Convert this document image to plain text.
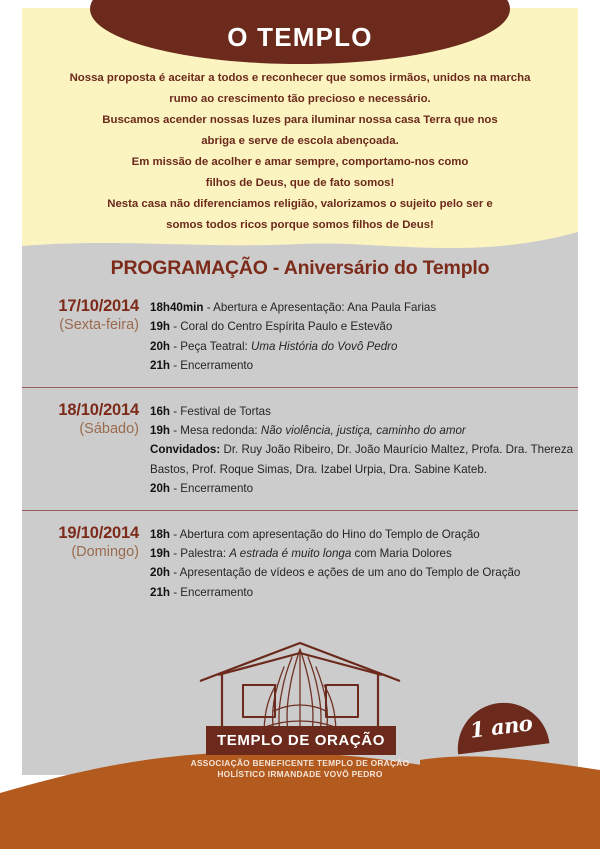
O TEMPLO
Nossa proposta é aceitar a todos e reconhecer que somos irmãos, unidos na marcha
rumo ao crescimento tão precioso e necessário.
Buscamos acender nossas luzes para iluminar nossa casa Terra que nos
abriga e serve de escola abençoada.
Em missão de acolher e amar sempre, comportamo-nos como
filhos de Deus, que de fato somos!
Nesta casa não diferenciamos religião, valorizamos o sujeito pelo ser e
somos todos ricos porque somos filhos de Deus!
PROGRAMAÇÃO - Aniversário do Templo
17/10/2014
(Sexta-feira)
18h40min - Abertura e Apresentação: Ana Paula Farias
19h - Coral do Centro Espírita Paulo e Estevão
20h - Peça Teatral: Uma História do Vovô Pedro
21h - Encerramento
18/10/2014
(Sábado)
16h - Festival de Tortas
19h - Mesa redonda: Não violência, justiça, caminho do amor
Convidados: Dr. Ruy João Ribeiro, Dr. João Maurício Maltez, Profa. Dra. Thereza Bastos, Prof. Roque Simas, Dra. Izabel Urpia, Dra. Sabine Kateb.
20h - Encerramento
19/10/2014
(Domingo)
18h - Abertura com apresentação do Hino do Templo de Oração
19h - Palestra: A estrada é muito longa com Maria Dolores
20h - Apresentação de vídeos e ações de um ano do Templo de Oração
21h - Encerramento
TEMPLO DE ORAÇÃO
ASSOCIAÇÃO BENEFICENTE TEMPLO DE ORAÇÃO
HOLÍSTICO IRMANDADE VOVÔ PEDRO
1 ano
